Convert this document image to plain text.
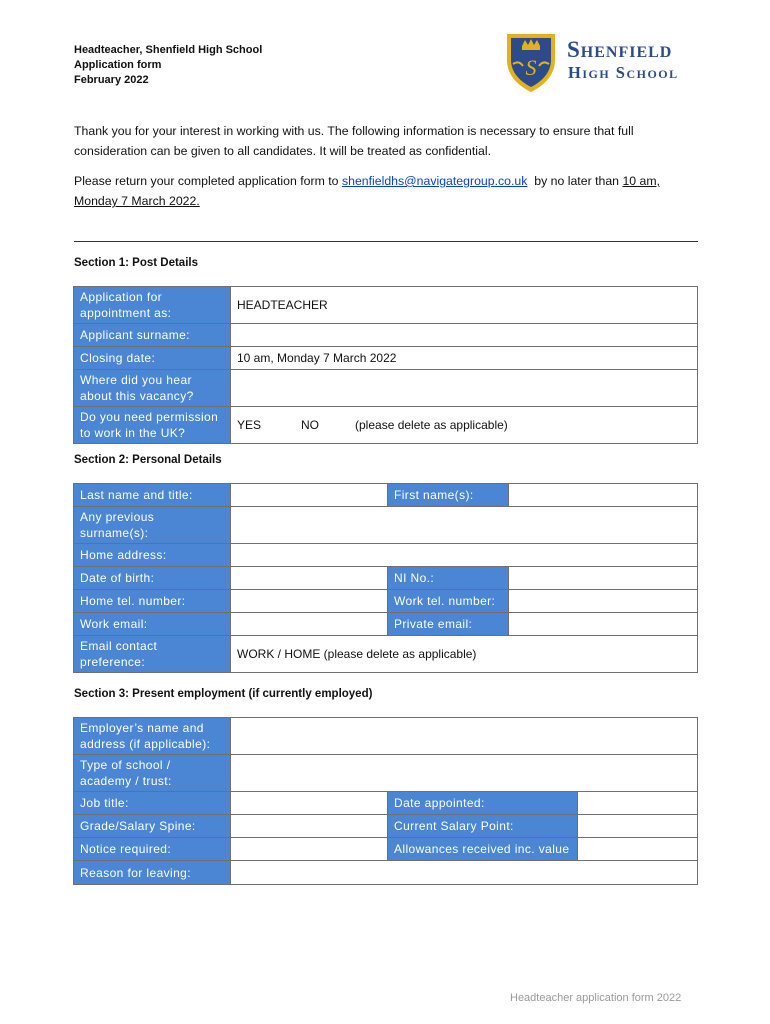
Headteacher, Shenfield High School
Application form
February 2022	S
Shenfield
High School
Thank you for your interest in working with us. The following information is necessary to ensure that full consideration can be given to all candidates. It will be treated as confidential.
Please return your completed application form to shenfieldhs@navigategroup.co.uk  by no later than 10 am, Monday 7 March 2022.
Section 1: Post Details
Application for appointment as:	HEADTEACHER
Applicant surname:	
Closing date:	10 am, Monday 7 March 2022
Where did you hear about this vacancy?	
Do you need permission to work in the UK?	YES NO (please delete as applicable)
Section 2: Personal Details
Last name and title:		First name(s):	
Any previous surname(s):			
Home address:			
Date of birth:		NI No.:	
Home tel. number:		Work tel. number:	
Work email:		Private email:	
Email contact preference:	WORK / HOME (please delete as applicable)		
Section 3: Present employment (if currently employed)
Employer’s name and address (if applicable):			
Type of school / academy / trust:			
Job title:		Date appointed:	
Grade/Salary Spine:		Current Salary Point:	
Notice required:		Allowances received inc. value	
Reason for leaving:			
Headteacher application form 2022
